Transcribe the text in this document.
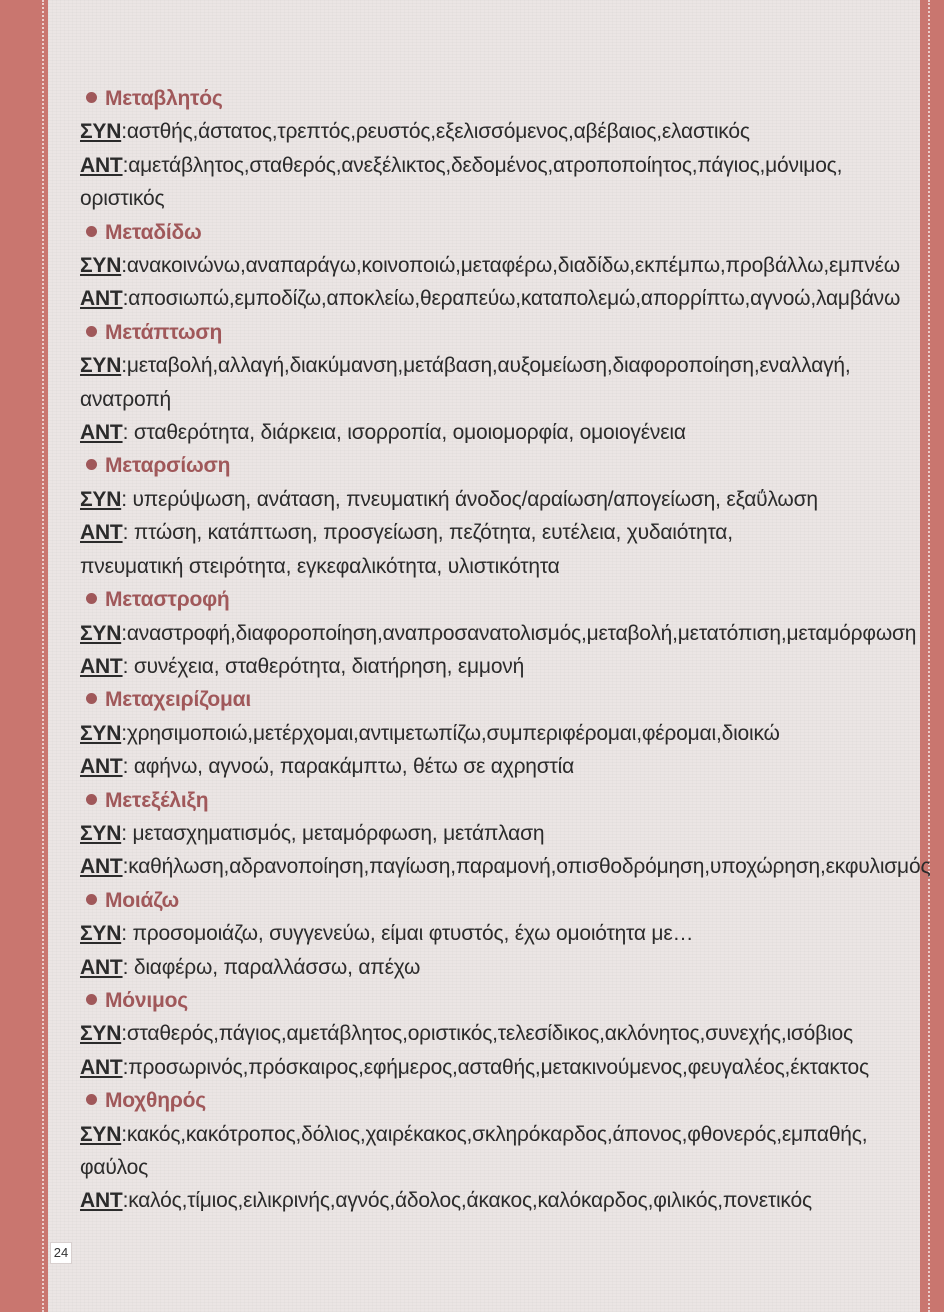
Μεταβλητός
ΣΥΝ:αστθής,άστατος,τρεπτός,ρευστός,εξελισσόμενος,αβέβαιος,ελαστικός
ΑΝΤ:αμετάβλητος,σταθερός,ανεξέλικτος,δεδομένος,ατροποποίητος,πάγιος,μόνιμος,
οριστικός
Μεταδίδω
ΣΥΝ:ανακοινώνω,αναπαράγω,κοινοποιώ,μεταφέρω,διαδίδω,εκπέμπω,προβάλλω,εμπνέω
ΑΝΤ:αποσιωπώ,εμποδίζω,αποκλείω,θεραπεύω,καταπολεμώ,απορρίπτω,αγνοώ,λαμβάνω
Μετάπτωση
ΣΥΝ:μεταβολή,αλλαγή,διακύμανση,μετάβαση,αυξομείωση,διαφοροποίηση,εναλλαγή,
ανατροπή
ΑΝΤ: σταθερότητα, διάρκεια, ισορροπία, ομοιομορφία, ομοιογένεια
Μεταρσίωση
ΣΥΝ: υπερύψωση, ανάταση, πνευματική άνοδος/αραίωση/απογείωση, εξαΰλωση
ΑΝΤ: πτώση, κατάπτωση, προσγείωση, πεζότητα, ευτέλεια, χυδαιότητα,
πνευματική στειρότητα, εγκεφαλικότητα, υλιστικότητα
Μεταστροφή
ΣΥΝ:αναστροφή,διαφοροποίηση,αναπροσανατολισμός,μεταβολή,μετατόπιση,μεταμόρφωση
ΑΝΤ: συνέχεια, σταθερότητα, διατήρηση, εμμονή
Μεταχειρίζομαι
ΣΥΝ:χρησιμοποιώ,μετέρχομαι,αντιμετωπίζω,συμπεριφέρομαι,φέρομαι,διοικώ
ΑΝΤ: αφήνω, αγνοώ, παρακάμπτω, θέτω σε αχρηστία
Μετεξέλιξη
ΣΥΝ: μετασχηματισμός, μεταμόρφωση, μετάπλαση
ΑΝΤ:καθήλωση,αδρανοποίηση,παγίωση,παραμονή,οπισθοδρόμηση,υποχώρηση,εκφυλισμός
Μοιάζω
ΣΥΝ: προσομοιάζω, συγγενεύω, είμαι φτυστός, έχω ομοιότητα με…
ΑΝΤ: διαφέρω, παραλλάσσω, απέχω
Μόνιμος
ΣΥΝ:σταθερός,πάγιος,αμετάβλητος,οριστικός,τελεσίδικος,ακλόνητος,συνεχής,ισόβιος
ΑΝΤ:προσωρινός,πρόσκαιρος,εφήμερος,ασταθής,μετακινούμενος,φευγαλέος,έκτακτος
Μοχθηρός
ΣΥΝ:κακός,κακότροπος,δόλιος,χαιρέκακος,σκληρόκαρδος,άπονος,φθονερός,εμπαθής,
φαύλος
ΑΝΤ:καλός,τίμιος,ειλικρινής,αγνός,άδολος,άκακος,καλόκαρδος,φιλικός,πονετικός
24
